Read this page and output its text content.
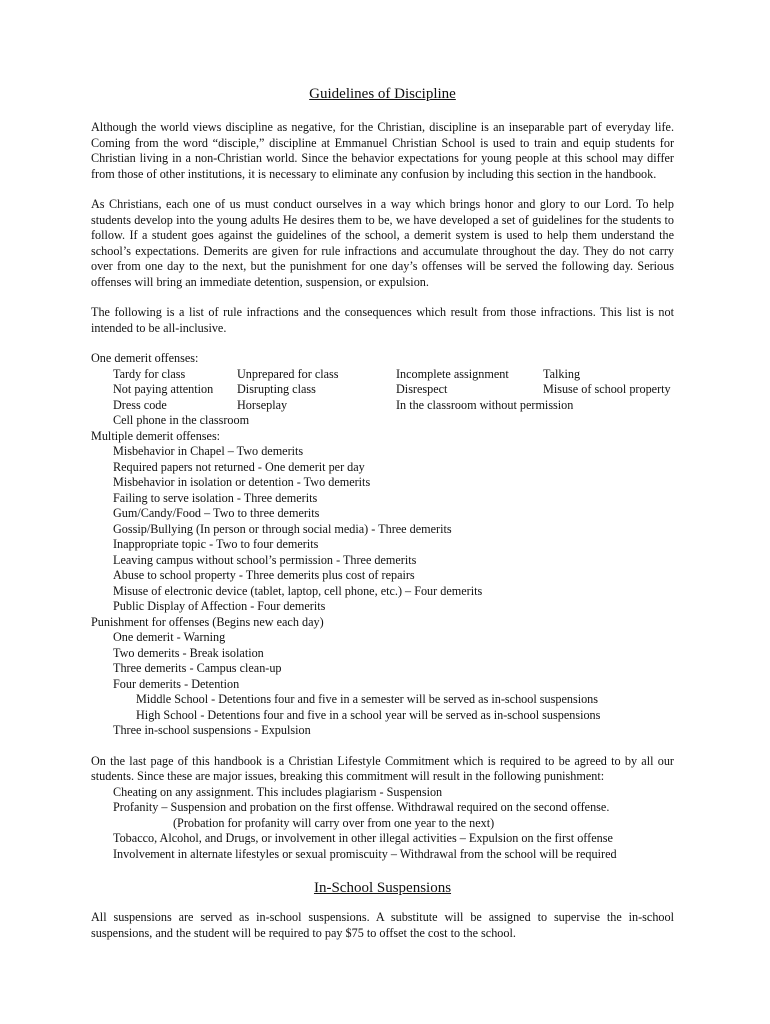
Guidelines of Discipline

Although the world views discipline as negative, for the Christian, discipline is an inseparable part of everyday life. Coming from the word “disciple,” discipline at Emmanuel Christian School is used to train and equip students for Christian living in a non-Christian world. Since the behavior expectations for young people at this school may differ from those of other institutions, it is necessary to eliminate any confusion by including this section in the handbook.

As Christians, each one of us must conduct ourselves in a way which brings honor and glory to our Lord. To help students develop into the young adults He desires them to be, we have developed a set of guidelines for the students to follow. If a student goes against the guidelines of the school, a demerit system is used to help them understand the school’s expectations. Demerits are given for rule infractions and accumulate throughout the day. They do not carry over from one day to the next, but the punishment for one day’s offenses will be served the following day. Serious offenses will bring an immediate detention, suspension, or expulsion.

The following is a list of rule infractions and the consequences which result from those infractions. This list is not intended to be all-inclusive.

One demerit offenses:

Tardy for class	Unprepared for class	Incomplete assignment	Talking
Not paying attention	Disrupting class	Disrespect	Misuse of school property
Dress code	Horseplay	In the classroom without permission

Cell phone in the classroom

Multiple demerit offenses:

Misbehavior in Chapel – Two demerits

Required papers not returned - One demerit per day

Misbehavior in isolation or detention - Two demerits

Failing to serve isolation - Three demerits

Gum/Candy/Food – Two to three demerits

Gossip/Bullying (In person or through social media) - Three demerits

Inappropriate topic - Two to four demerits

Leaving campus without school’s permission - Three demerits

Abuse to school property - Three demerits plus cost of repairs

Misuse of electronic device (tablet, laptop, cell phone, etc.) – Four demerits

Public Display of Affection - Four demerits

Punishment for offenses (Begins new each day)

One demerit - Warning

Two demerits - Break isolation

Three demerits - Campus clean-up

Four demerits - Detention

Middle School - Detentions four and five in a semester will be served as in-school suspensions

High School - Detentions four and five in a school year will be served as in-school suspensions

Three in-school suspensions - Expulsion

On the last page of this handbook is a Christian Lifestyle Commitment which is required to be agreed to by all our students. Since these are major issues, breaking this commitment will result in the following punishment:

Cheating on any assignment. This includes plagiarism - Suspension

Profanity – Suspension and probation on the first offense. Withdrawal required on the second offense.

(Probation for profanity will carry over from one year to the next)

Tobacco, Alcohol, and Drugs, or involvement in other illegal activities – Expulsion on the first offense

Involvement in alternate lifestyles or sexual promiscuity – Withdrawal from the school will be required

In-School Suspensions

All suspensions are served as in-school suspensions. A substitute will be assigned to supervise the in-school suspensions, and the student will be required to pay $75 to offset the cost to the school.
